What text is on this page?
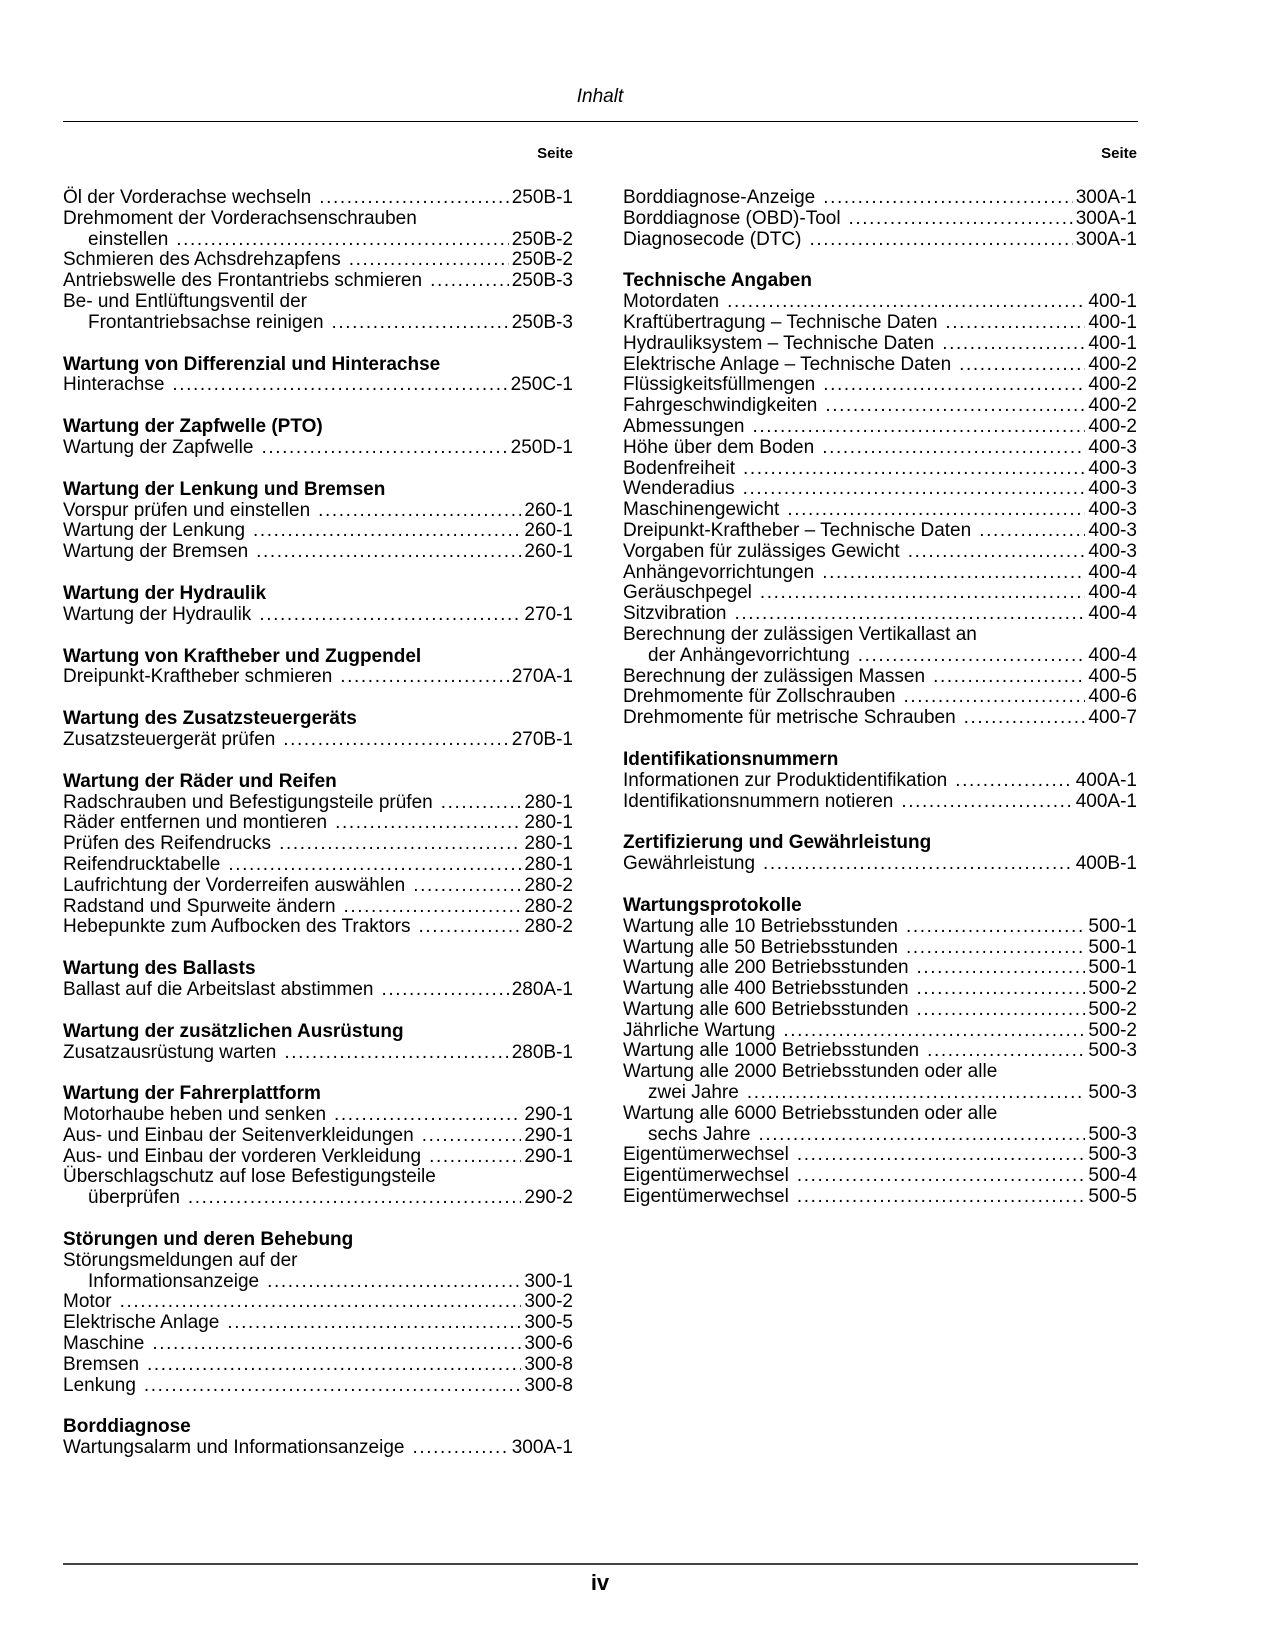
Inhalt
Seite
Öl der Vorderachse wechseln .....	250B-1
Drehmoment der Vorderachsenschrauben
einstellen .....	250B-2
Schmieren des Achsdrehzapfens .....	250B-2
Antriebswelle des Frontantriebs schmieren .....	250B-3
Be- und Entlüftungsventil der
Frontantriebsachse reinigen .....	250B-3
Wartung von Differenzial und Hinterachse
Hinterachse .....	250C-1
Wartung der Zapfwelle (PTO)
Wartung der Zapfwelle .....	250D-1
Wartung der Lenkung und Bremsen
Vorspur prüfen und einstellen .....	260-1
Wartung der Lenkung .....	260-1
Wartung der Bremsen .....	260-1
Wartung der Hydraulik
Wartung der Hydraulik .....	270-1
Wartung von Kraftheber und Zugpendel
Dreipunkt-Kraftheber schmieren .....	270A-1
Wartung des Zusatzsteuergeräts
Zusatzsteuergerät prüfen .....	270B-1
Wartung der Räder und Reifen
Radschrauben und Befestigungsteile prüfen .....	280-1
Räder entfernen und montieren .....	280-1
Prüfen des Reifendrucks .....	280-1
Reifendrucktabelle .....	280-1
Laufrichtung der Vorderreifen auswählen .....	280-2
Radstand und Spurweite ändern .....	280-2
Hebepunkte zum Aufbocken des Traktors .....	280-2
Wartung des Ballasts
Ballast auf die Arbeitslast abstimmen .....	280A-1
Wartung der zusätzlichen Ausrüstung
Zusatzausrüstung warten .....	280B-1
Wartung der Fahrerplattform
Motorhaube heben und senken .....	290-1
Aus- und Einbau der Seitenverkleidungen .....	290-1
Aus- und Einbau der vorderen Verkleidung .....	290-1
Überschlagschutz auf lose Befestigungsteile
überprüfen .....	290-2
Störungen und deren Behebung
Störungsmeldungen auf der
Informationsanzeige .....	300-1
Motor .....	300-2
Elektrische Anlage .....	300-5
Maschine .....	300-6
Bremsen .....	300-8
Lenkung .....	300-8
Borddiagnose
Wartungsalarm und Informationsanzeige .....	300A-1
Seite
Borddiagnose-Anzeige .....	300A-1
Borddiagnose (OBD)-Tool .....	300A-1
Diagnosecode (DTC) .....	300A-1
Technische Angaben
Motordaten .....	400-1
Kraftübertragung – Technische Daten .....	400-1
Hydrauliksystem – Technische Daten .....	400-1
Elektrische Anlage – Technische Daten .....	400-2
Flüssigkeitsfüllmengen .....	400-2
Fahrgeschwindigkeiten .....	400-2
Abmessungen .....	400-2
Höhe über dem Boden .....	400-3
Bodenfreiheit .....	400-3
Wenderadius .....	400-3
Maschinengewicht .....	400-3
Dreipunkt-Kraftheber – Technische Daten .....	400-3
Vorgaben für zulässiges Gewicht .....	400-3
Anhängevorrichtungen .....	400-4
Geräuschpegel .....	400-4
Sitzvibration .....	400-4
Berechnung der zulässigen Vertikallast an
der Anhängevorrichtung .....	400-4
Berechnung der zulässigen Massen .....	400-5
Drehmomente für Zollschrauben .....	400-6
Drehmomente für metrische Schrauben .....	400-7
Identifikationsnummern
Informationen zur Produktidentifikation .....	400A-1
Identifikationsnummern notieren .....	400A-1
Zertifizierung und Gewährleistung
Gewährleistung .....	400B-1
Wartungsprotokolle
Wartung alle 10 Betriebsstunden .....	500-1
Wartung alle 50 Betriebsstunden .....	500-1
Wartung alle 200 Betriebsstunden .....	500-1
Wartung alle 400 Betriebsstunden .....	500-2
Wartung alle 600 Betriebsstunden .....	500-2
Jährliche Wartung .....	500-2
Wartung alle 1000 Betriebsstunden .....	500-3
Wartung alle 2000 Betriebsstunden oder alle
zwei Jahre .....	500-3
Wartung alle 6000 Betriebsstunden oder alle
sechs Jahre .....	500-3
Eigentümerwechsel .....	500-3
Eigentümerwechsel .....	500-4
Eigentümerwechsel .....	500-5
iv
